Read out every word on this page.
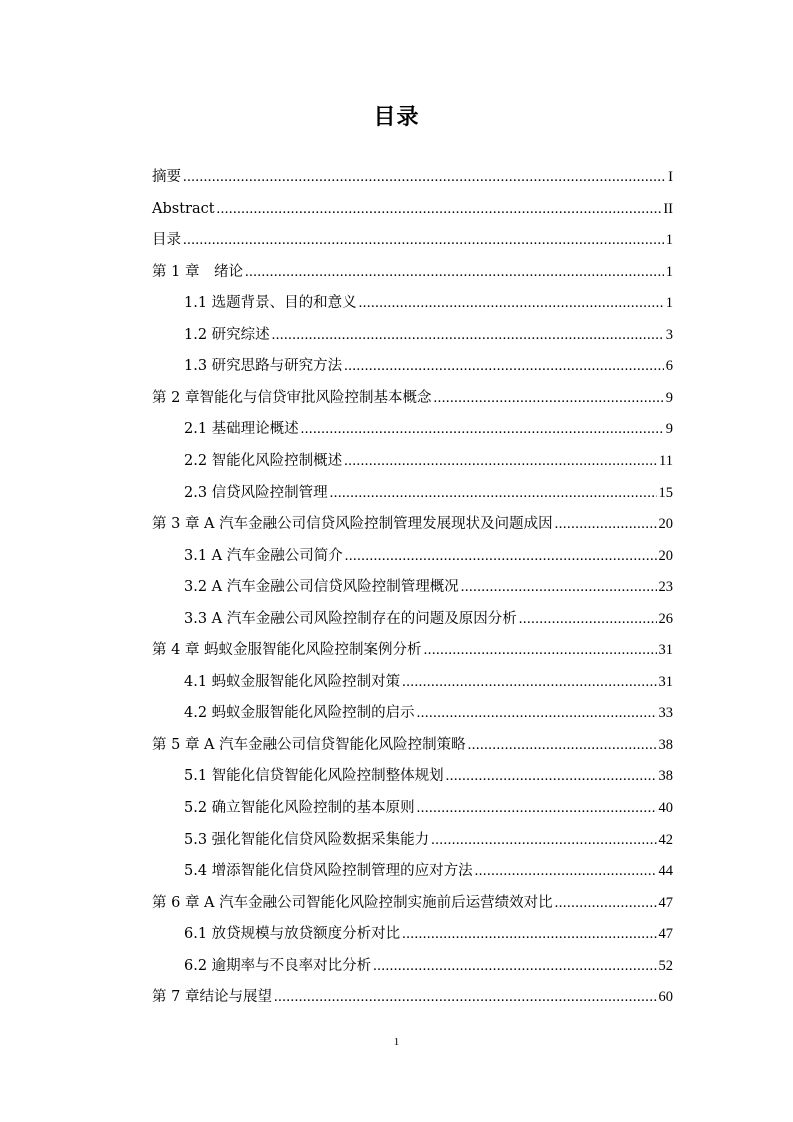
目录
摘要 .....	I
Abstract .....	II
目录 .....	1
第 1 章　绪论 .....	1
1.1 选题背景、目的和意义 .....	1
1.2 研究综述 .....	3
1.3 研究思路与研究方法 .....	6
第 2 章智能化与信贷审批风险控制基本概念 .....	9
2.1 基础理论概述 .....	9
2.2 智能化风险控制概述 .....	11
2.3 信贷风险控制管理 .....	15
第 3 章 A 汽车金融公司信贷风险控制管理发展现状及问题成因 .....	20
3.1 A 汽车金融公司简介 .....	20
3.2 A 汽车金融公司信贷风险控制管理概况 .....	23
3.3 A 汽车金融公司风险控制存在的问题及原因分析 .....	26
第 4 章 蚂蚁金服智能化风险控制案例分析 .....	31
4.1 蚂蚁金服智能化风险控制对策 .....	31
4.2 蚂蚁金服智能化风险控制的启示 .....	33
第 5 章 A 汽车金融公司信贷智能化风险控制策略 .....	38
5.1 智能化信贷智能化风险控制整体规划 .....	38
5.2 确立智能化风险控制的基本原则 .....	40
5.3 强化智能化信贷风险数据采集能力 .....	42
5.4 增添智能化信贷风险控制管理的应对方法 .....	44
第 6 章 A 汽车金融公司智能化风险控制实施前后运营绩效对比 .....	47
6.1 放贷规模与放贷额度分析对比 .....	47
6.2 逾期率与不良率对比分析 .....	52
第 7 章结论与展望 .....	60
1
